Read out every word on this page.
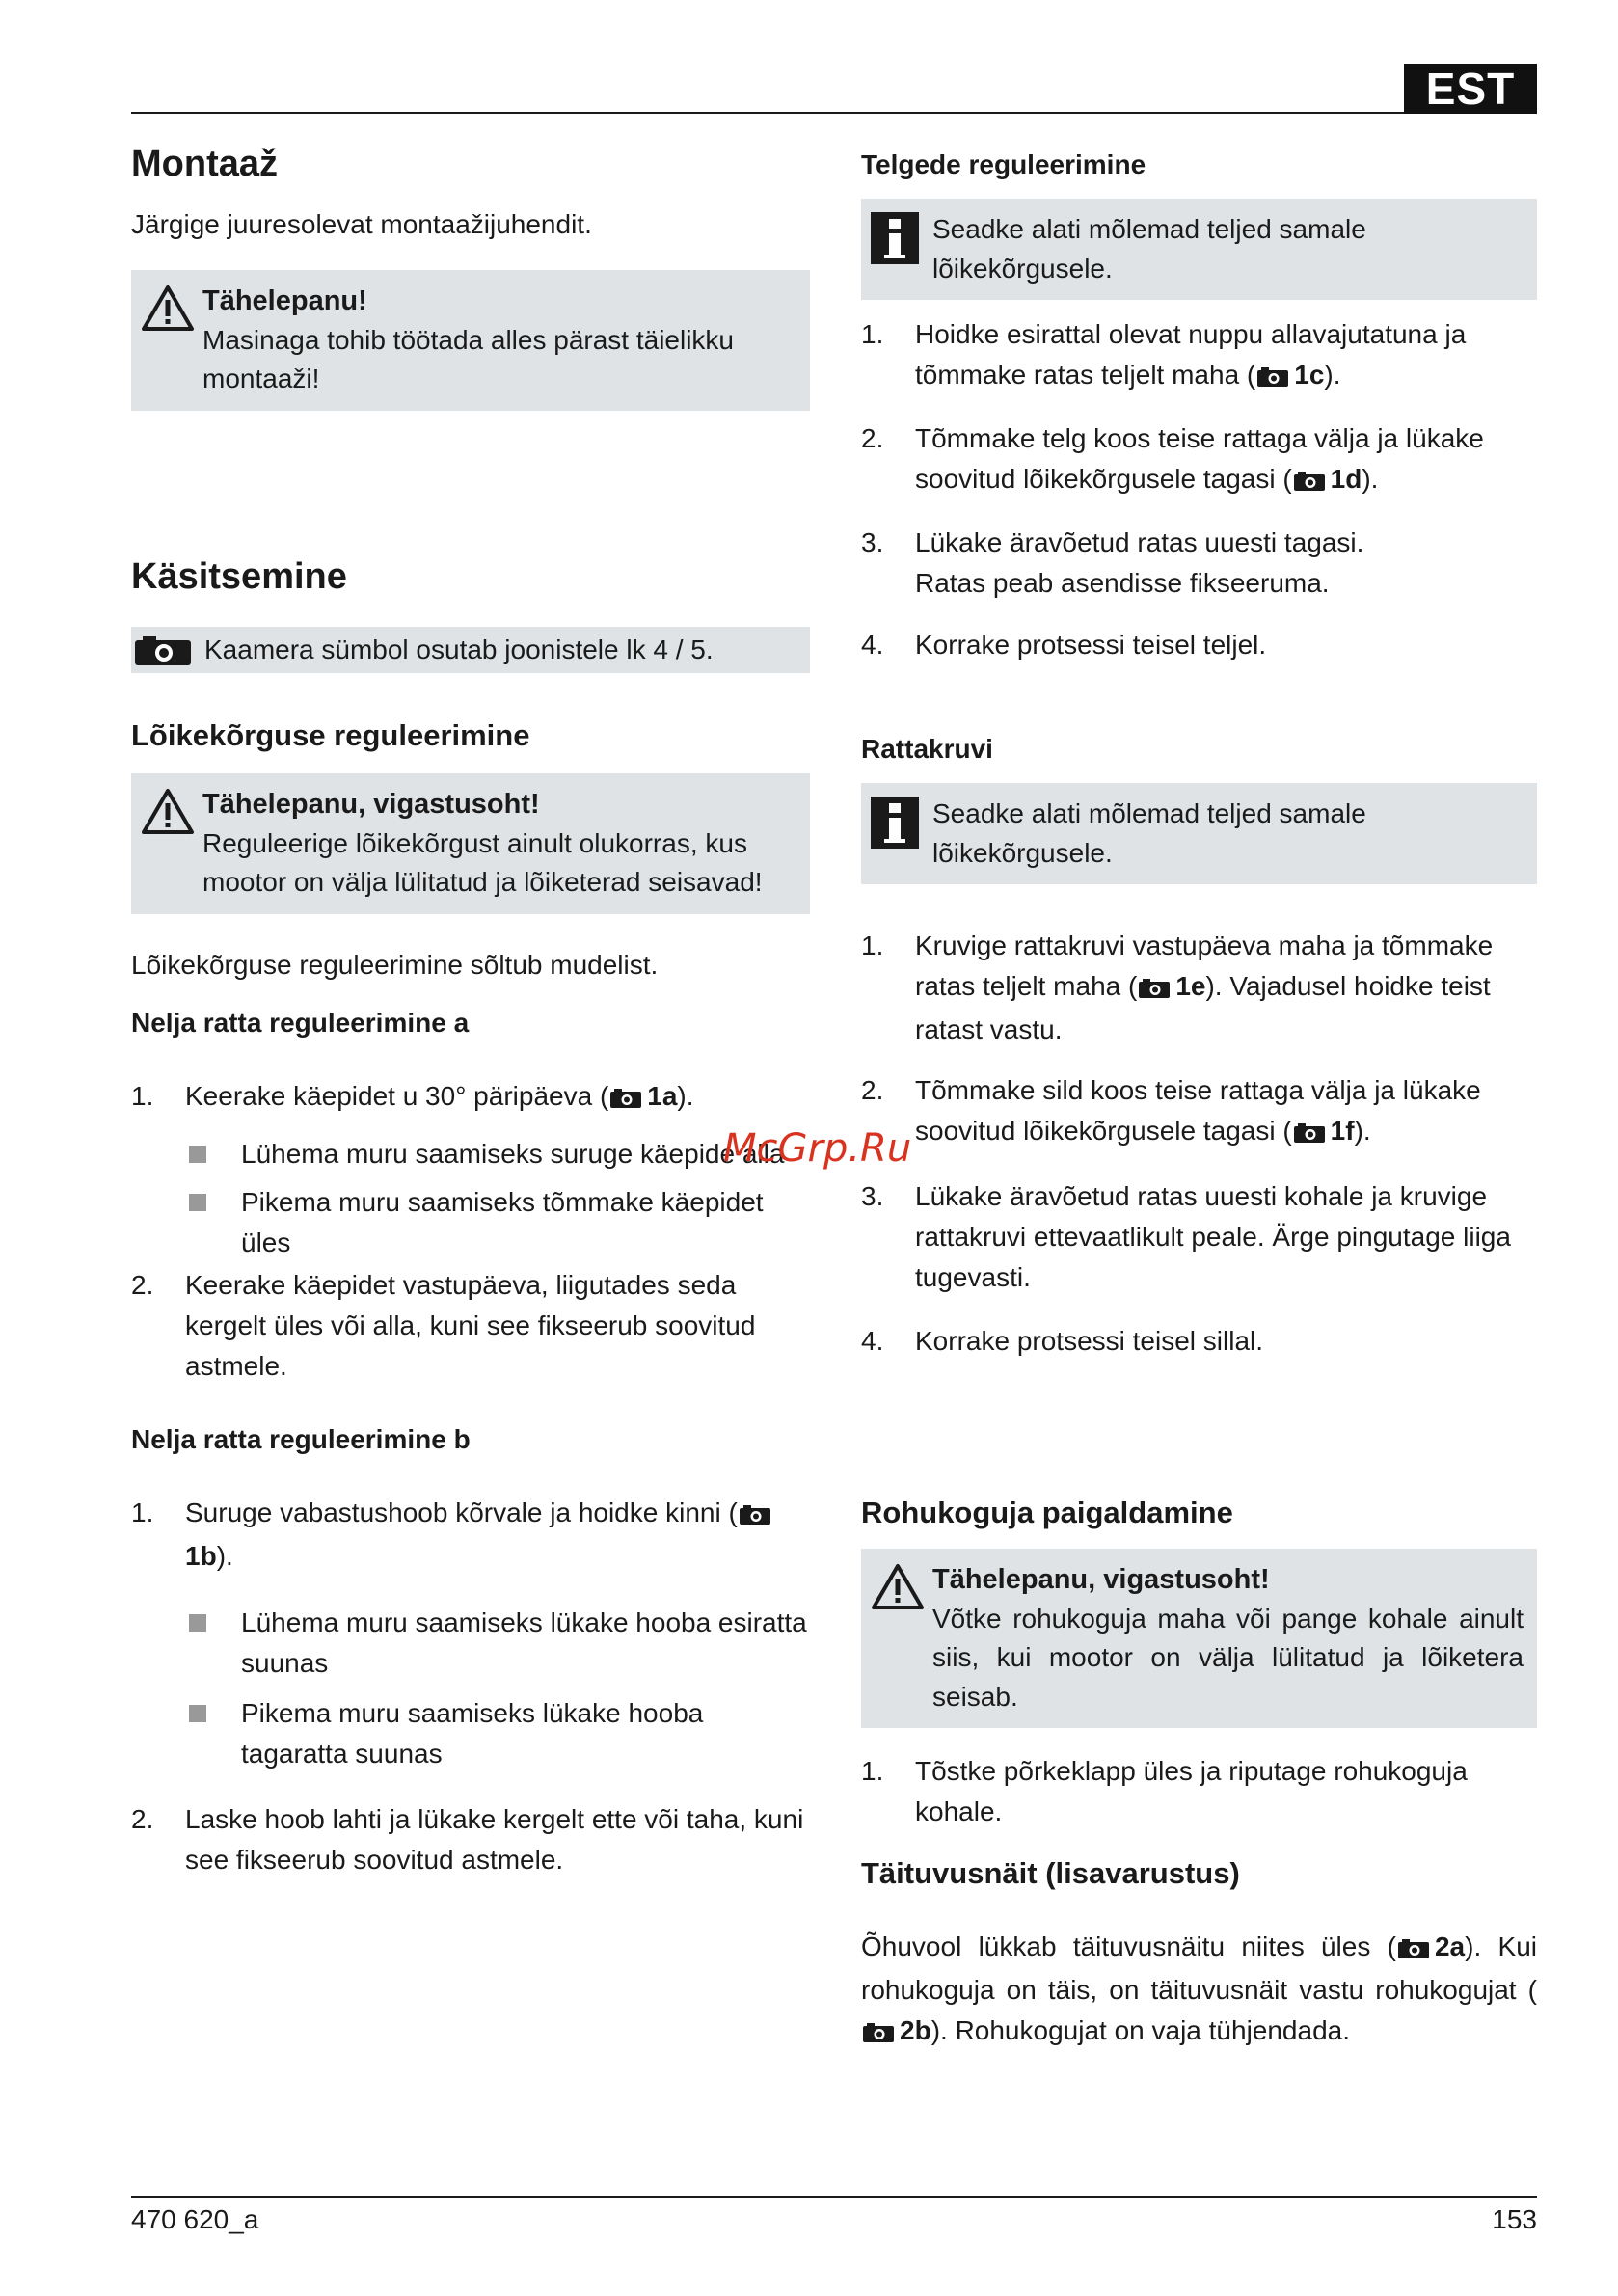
EST
Montaaž

Järgige juuresolevat montaažijuhendit.

Tähelepanu!
Masinaga tohib töötada alles pärast täielikku montaaži!
Käsitsemine
Kaamera sümbol osutab joonistele lk 4 / 5.
Lõikekõrguse reguleerimine
Tähelepanu, vigastusoht!
Reguleerige lõikekõrgust ainult olukorras, kus mootor on välja lülitatud ja lõiketerad seisavad!

Lõikekõrguse reguleerimine sõltub mudelist.

Nelja ratta reguleerimine a
1. Keerake käepidet u 30° päripäeva ( 1a).
Lühema muru saamiseks suruge käepide alla
Pikema muru saamiseks tõmmake käepidet üles
2. Keerake käepidet vastupäeva, liigutades seda kergelt üles või alla, kuni see fikseerub soovitud astmele.
Nelja ratta reguleerimine b
1. Suruge vabastushoob kõrvale ja hoidke kinni (1b).
Lühema muru saamiseks lükake hooba esiratta suunas
Pikema muru saamiseks lükake hooba tagaratta suunas
2. Laske hoob lahti ja lükake kergelt ette või taha, kuni see fikseerub soovitud astmele.
Telgede reguleerimine
Seadke alati mõlemad teljed samale lõikekõrgusele.
1. Hoidke esirattal olevat nuppu allavajutatuna ja tõmmake ratas teljelt maha ( 1c).
2. Tõmmake telg koos teise rattaga välja ja lükake soovitud lõikekõrgusele tagasi ( 1d).
3. Lükake äravõetud ratas uuesti tagasi. Ratas peab asendisse fikseeruma.
4. Korrake protsessi teisel teljel.
Rattakruvi
Seadke alati mõlemad teljed samale lõikekõrgusele.
1. Kruvige rattakruvi vastupäeva maha ja tõmmake ratas teljelt maha ( 1e). Vajadusel hoidke teist ratast vastu.
2. Tõmmake sild koos teise rattaga välja ja lükake soovitud lõikekõrgusele tagasi ( 1f).
3. Lükake äravõetud ratas uuesti kohale ja kruvige rattakruvi ettevaatlikult peale. Ärge pingutage liiga tugevasti.
4. Korrake protsessi teisel sillal.
Rohukoguja paigaldamine
Tähelepanu, vigastusoht!
Võtke rohukoguja maha või pange kohale ainult siis, kui mootor on välja lülitatud ja lõiketera seisab.
1. Tõstke põrkeklapp üles ja riputage rohukoguja kohale.
Täituvusnäit (lisavarustus)

Õhuvool lükkab täituvusnäitu niites üles ( 2a). Kui rohukoguja on täis, on täituvusnäit vastu rohukogujat (2b). Rohukogujat on vaja tühjendada.

McGrp.Ru
470 620_a	153
